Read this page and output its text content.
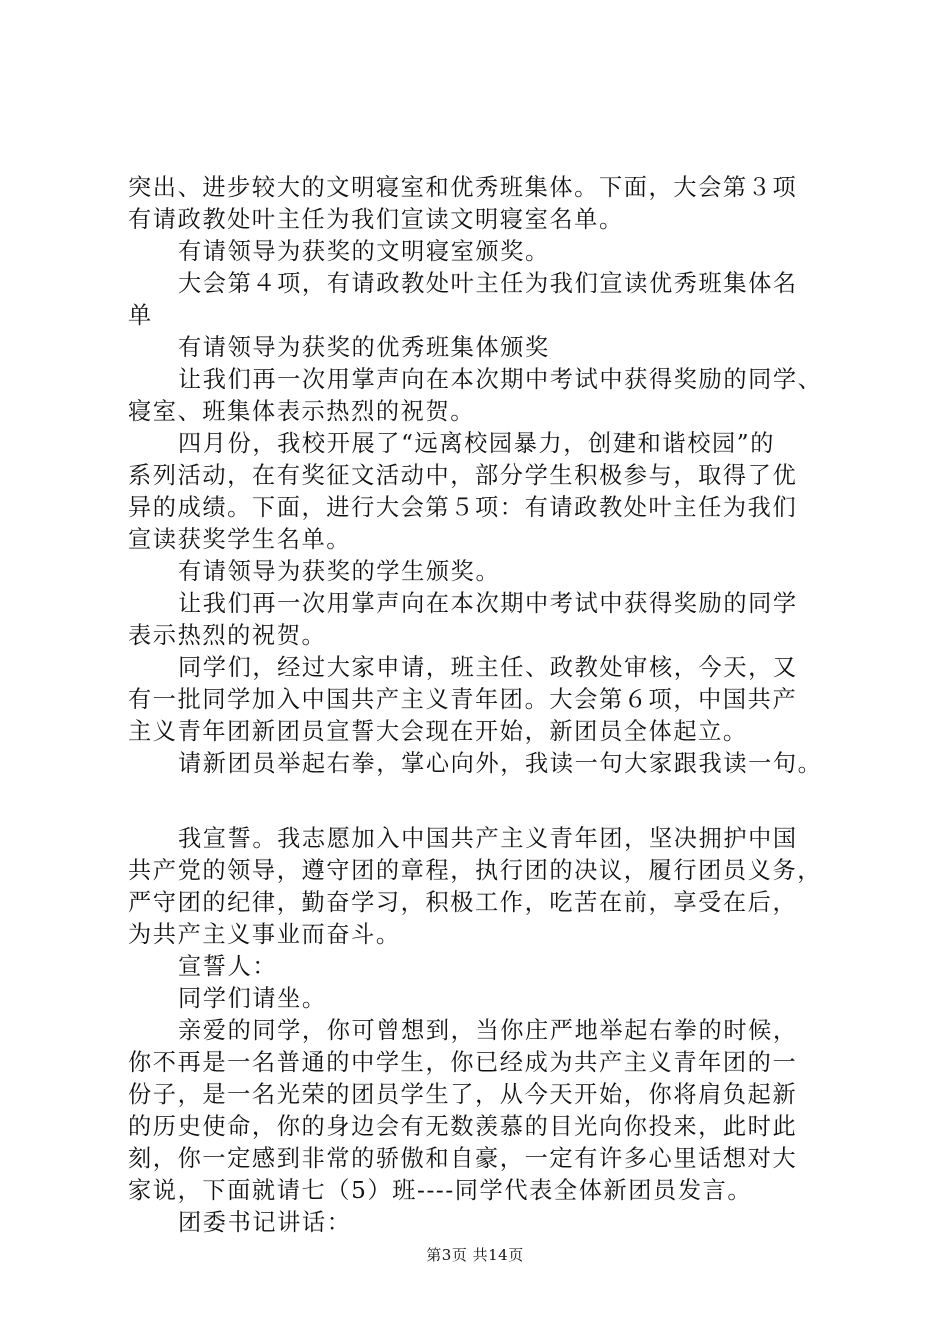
突出、进步较大的文明寝室和优秀班集体。下面，大会第３项
有请政教处叶主任为我们宣读文明寝室名单。
有请领导为获奖的文明寝室颁奖。
大会第４项，有请政教处叶主任为我们宣读优秀班集体名
单
有请领导为获奖的优秀班集体颁奖
让我们再一次用掌声向在本次期中考试中获得奖励的同学、
寝室、班集体表示热烈的祝贺。
四月份，我校开展了“远离校园暴力，创建和谐校园”的
系列活动，在有奖征文活动中，部分学生积极参与，取得了优
异的成绩。下面，进行大会第５项：有请政教处叶主任为我们
宣读获奖学生名单。
有请领导为获奖的学生颁奖。
让我们再一次用掌声向在本次期中考试中获得奖励的同学
表示热烈的祝贺。
同学们，经过大家申请，班主任、政教处审核，今天，又
有一批同学加入中国共产主义青年团。大会第６项，中国共产
主义青年团新团员宣誓大会现在开始，新团员全体起立。
请新团员举起右拳，掌心向外，我读一句大家跟我读一句。
我宣誓。我志愿加入中国共产主义青年团，坚决拥护中国
共产党的领导，遵守团的章程，执行团的决议，履行团员义务，
严守团的纪律，勤奋学习，积极工作，吃苦在前，享受在后，
为共产主义事业而奋斗。
宣誓人：
同学们请坐。
亲爱的同学，你可曾想到，当你庄严地举起右拳的时候，
你不再是一名普通的中学生，你已经成为共产主义青年团的一
份子，是一名光荣的团员学生了，从今天开始，你将肩负起新
的历史使命，你的身边会有无数羡慕的目光向你投来，此时此
刻，你一定感到非常的骄傲和自豪，一定有许多心里话想对大
家说，下面就请七（5）班----同学代表全体新团员发言。
团委书记讲话：
第3页 共14页
